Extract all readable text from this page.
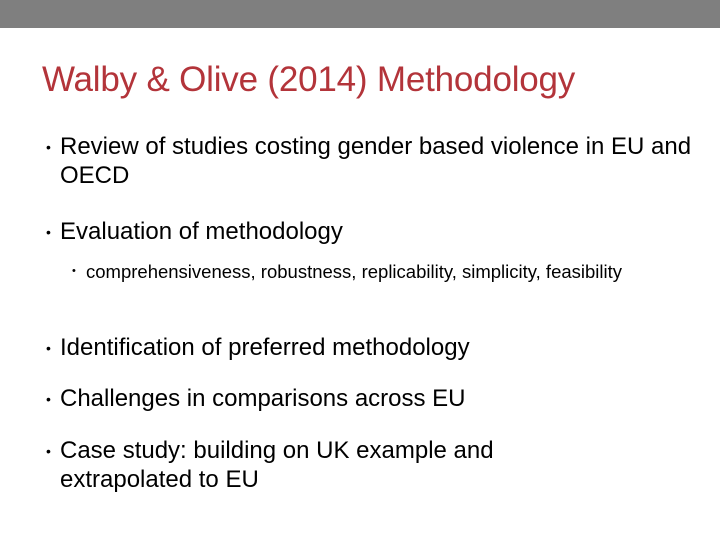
Walby & Olive (2014) Methodology
• Review of studies costing gender based violence in EU and OECD
• Evaluation of methodology
• comprehensiveness, robustness, replicability, simplicity, feasibility
• Identification of preferred methodology
• Challenges in comparisons across EU
• Case study: building on UK example and extrapolated to EU
